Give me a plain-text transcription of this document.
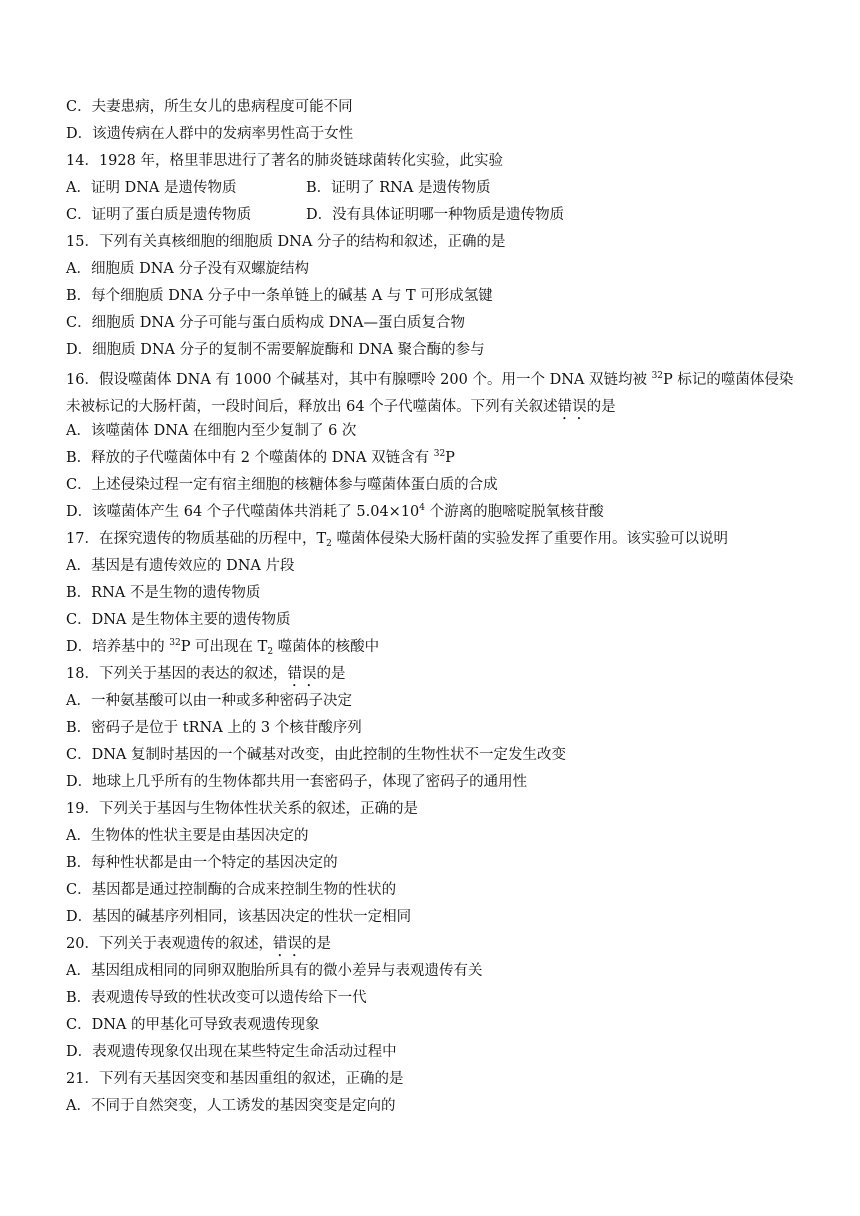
C．夫妻患病，所生女儿的患病程度可能不同
D．该遗传病在人群中的发病率男性高于女性
14．1928 年，格里菲思进行了著名的肺炎链球菌转化实验，此实验
A．证明 DNA 是遗传物质	B．证明了 RNA 是遗传物质
C．证明了蛋白质是遗传物质	D．没有具体证明哪一种物质是遗传物质
15．下列有关真核细胞的细胞质 DNA 分子的结构和叙述，正确的是
A．细胞质 DNA 分子没有双螺旋结构
B．每个细胞质 DNA 分子中一条单链上的碱基 A 与 T 可形成氢键
C．细胞质 DNA 分子可能与蛋白质构成 DNA—蛋白质复合物
D．细胞质 DNA 分子的复制不需要解旋酶和 DNA 聚合酶的参与
16．假设噬菌体 DNA 有 1000 个碱基对，其中有腺嘌呤 200 个。用一个 DNA 双链均被 $^{32}$P 标记的噬菌体侵染未被标记的大肠杆菌，一段时间后，释放出 64 个子代噬菌体。下列有关叙述错误的是
A．该噬菌体 DNA 在细胞内至少复制了 6 次
B．释放的子代噬菌体中有 2 个噬菌体的 DNA 双链含有 $^{32}$P
C．上述侵染过程一定有宿主细胞的核糖体参与噬菌体蛋白质的合成
D．该噬菌体产生 64 个子代噬菌体共消耗了 $5.04\times 10^4$ 个游离的胞嘧啶脱氧核苷酸
17．在探究遗传的物质基础的历程中，$T_2$ 噬菌体侵染大肠杆菌的实验发挥了重要作用。该实验可以说明
A．基因是有遗传效应的 DNA 片段
B．RNA 不是生物的遗传物质
C．DNA 是生物体主要的遗传物质
D．培养基中的 $^{32}$P 可出现在 $T_2$ 噬菌体的核酸中
18．下列关于基因的表达的叙述，错误的是
A．一种氨基酸可以由一种或多种密码子决定
B．密码子是位于 tRNA 上的 3 个核苷酸序列
C．DNA 复制时基因的一个碱基对改变，由此控制的生物性状不一定发生改变
D．地球上几乎所有的生物体都共用一套密码子，体现了密码子的通用性
19．下列关于基因与生物体性状关系的叙述，正确的是
A．生物体的性状主要是由基因决定的
B．每种性状都是由一个特定的基因决定的
C．基因都是通过控制酶的合成来控制生物的性状的
D．基因的碱基序列相同，该基因决定的性状一定相同
20．下列关于表观遗传的叙述，错误的是
A．基因组成相同的同卵双胞胎所具有的微小差异与表观遗传有关
B．表观遗传导致的性状改变可以遗传给下一代
C．DNA 的甲基化可导致表观遗传现象
D．表观遗传现象仅出现在某些特定生命活动过程中
21．下列有天基因突变和基因重组的叙述，正确的是
A．不同于自然突变，人工诱发的基因突变是定向的
